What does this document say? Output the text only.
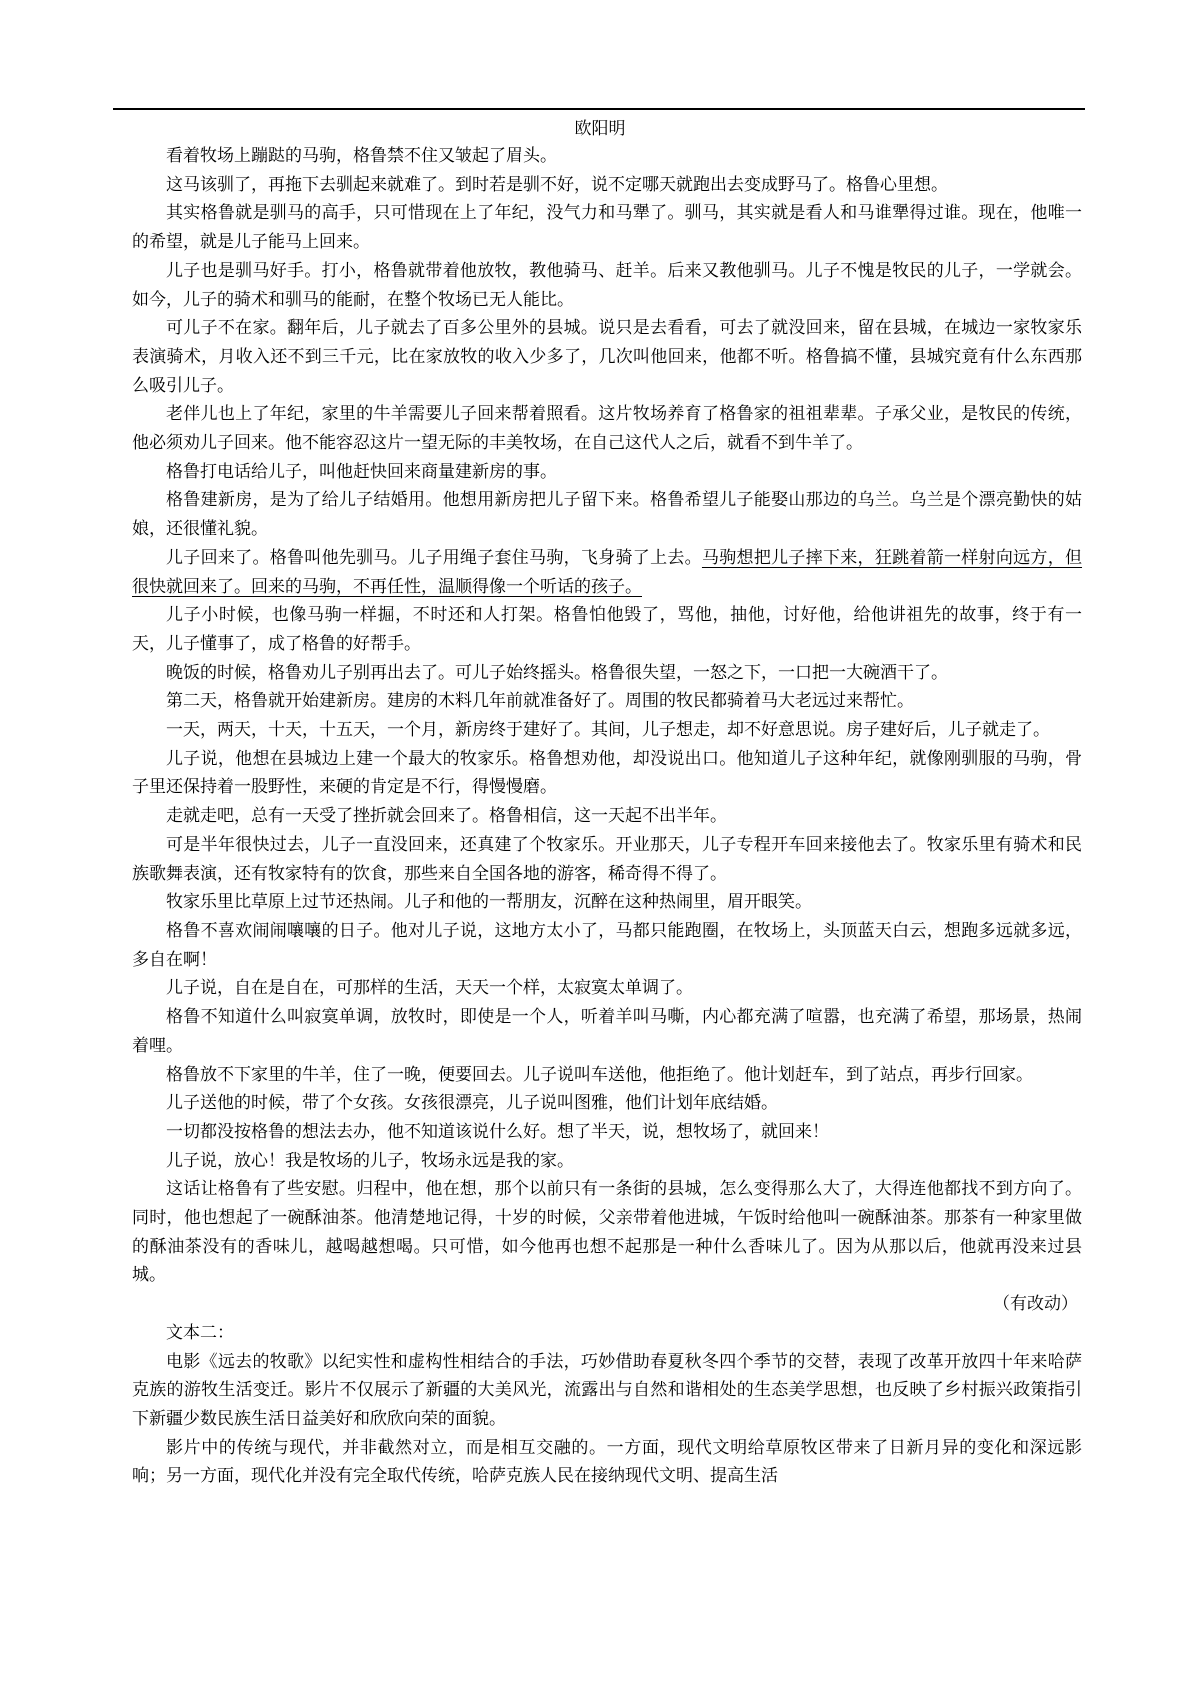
欧阳明

看着牧场上蹦跶的马驹，格鲁禁不住又皱起了眉头。

这马该驯了，再拖下去驯起来就难了。到时若是驯不好，说不定哪天就跑出去变成野马了。格鲁心里想。

其实格鲁就是驯马的高手，只可惜现在上了年纪，没气力和马犟了。驯马，其实就是看人和马谁犟得过谁。现在，他唯一的希望，就是儿子能马上回来。

儿子也是驯马好手。打小，格鲁就带着他放牧，教他骑马、赶羊。后来又教他驯马。儿子不愧是牧民的儿子，一学就会。如今，儿子的骑术和驯马的能耐，在整个牧场已无人能比。

可儿子不在家。翻年后，儿子就去了百多公里外的县城。说只是去看看，可去了就没回来，留在县城，在城边一家牧家乐表演骑术，月收入还不到三千元，比在家放牧的收入少多了，几次叫他回来，他都不听。格鲁搞不懂，县城究竟有什么东西那么吸引儿子。

老伴儿也上了年纪，家里的牛羊需要儿子回来帮着照看。这片牧场养育了格鲁家的祖祖辈辈。子承父业，是牧民的传统，他必须劝儿子回来。他不能容忍这片一望无际的丰美牧场，在自己这代人之后，就看不到牛羊了。

格鲁打电话给儿子，叫他赶快回来商量建新房的事。

格鲁建新房，是为了给儿子结婚用。他想用新房把儿子留下来。格鲁希望儿子能娶山那边的乌兰。乌兰是个漂亮勤快的姑娘，还很懂礼貌。

儿子回来了。格鲁叫他先驯马。儿子用绳子套住马驹，飞身骑了上去。马驹想把儿子摔下来，狂跳着箭一样射向远方，但很快就回来了。回来的马驹，不再任性，温顺得像一个听话的孩子。

儿子小时候，也像马驹一样掘，不时还和人打架。格鲁怕他毁了，骂他，抽他，讨好他，给他讲祖先的故事，终于有一天，儿子懂事了，成了格鲁的好帮手。

晚饭的时候，格鲁劝儿子别再出去了。可儿子始终摇头。格鲁很失望，一怒之下，一口把一大碗酒干了。

第二天，格鲁就开始建新房。建房的木料几年前就准备好了。周围的牧民都骑着马大老远过来帮忙。

一天，两天，十天，十五天，一个月，新房终于建好了。其间，儿子想走，却不好意思说。房子建好后，儿子就走了。

儿子说，他想在县城边上建一个最大的牧家乐。格鲁想劝他，却没说出口。他知道儿子这种年纪，就像刚驯服的马驹，骨子里还保持着一股野性，来硬的肯定是不行，得慢慢磨。

走就走吧，总有一天受了挫折就会回来了。格鲁相信，这一天起不出半年。

可是半年很快过去，儿子一直没回来，还真建了个牧家乐。开业那天，儿子专程开车回来接他去了。牧家乐里有骑术和民族歌舞表演，还有牧家特有的饮食，那些来自全国各地的游客，稀奇得不得了。

牧家乐里比草原上过节还热闹。儿子和他的一帮朋友，沉醉在这种热闹里，眉开眼笑。

格鲁不喜欢闹闹嚷嚷的日子。他对儿子说，这地方太小了，马都只能跑圈，在牧场上，头顶蓝天白云，想跑多远就多远，多自在啊！

儿子说，自在是自在，可那样的生活，天天一个样，太寂寞太单调了。

格鲁不知道什么叫寂寞单调，放牧时，即使是一个人，听着羊叫马嘶，内心都充满了喧嚣，也充满了希望，那场景，热闹着哩。

格鲁放不下家里的牛羊，住了一晚，便要回去。儿子说叫车送他，他拒绝了。他计划赶车，到了站点，再步行回家。

儿子送他的时候，带了个女孩。女孩很漂亮，儿子说叫图雅，他们计划年底结婚。

一切都没按格鲁的想法去办，他不知道该说什么好。想了半天，说，想牧场了，就回来！

儿子说，放心！我是牧场的儿子，牧场永远是我的家。

这话让格鲁有了些安慰。归程中，他在想，那个以前只有一条街的县城，怎么变得那么大了，大得连他都找不到方向了。同时，他也想起了一碗酥油茶。他清楚地记得，十岁的时候，父亲带着他进城，午饭时给他叫一碗酥油茶。那茶有一种家里做的酥油茶没有的香味儿，越喝越想喝。只可惜，如今他再也想不起那是一种什么香味儿了。因为从那以后，他就再没来过县城。

（有改动）

文本二：

电影《远去的牧歌》以纪实性和虚构性相结合的手法，巧妙借助春夏秋冬四个季节的交替，表现了改革开放四十年来哈萨克族的游牧生活变迁。影片不仅展示了新疆的大美风光，流露出与自然和谐相处的生态美学思想，也反映了乡村振兴政策指引下新疆少数民族生活日益美好和欣欣向荣的面貌。

影片中的传统与现代，并非截然对立，而是相互交融的。一方面，现代文明给草原牧区带来了日新月异的变化和深远影响；另一方面，现代化并没有完全取代传统，哈萨克族人民在接纳现代文明、提高生活
